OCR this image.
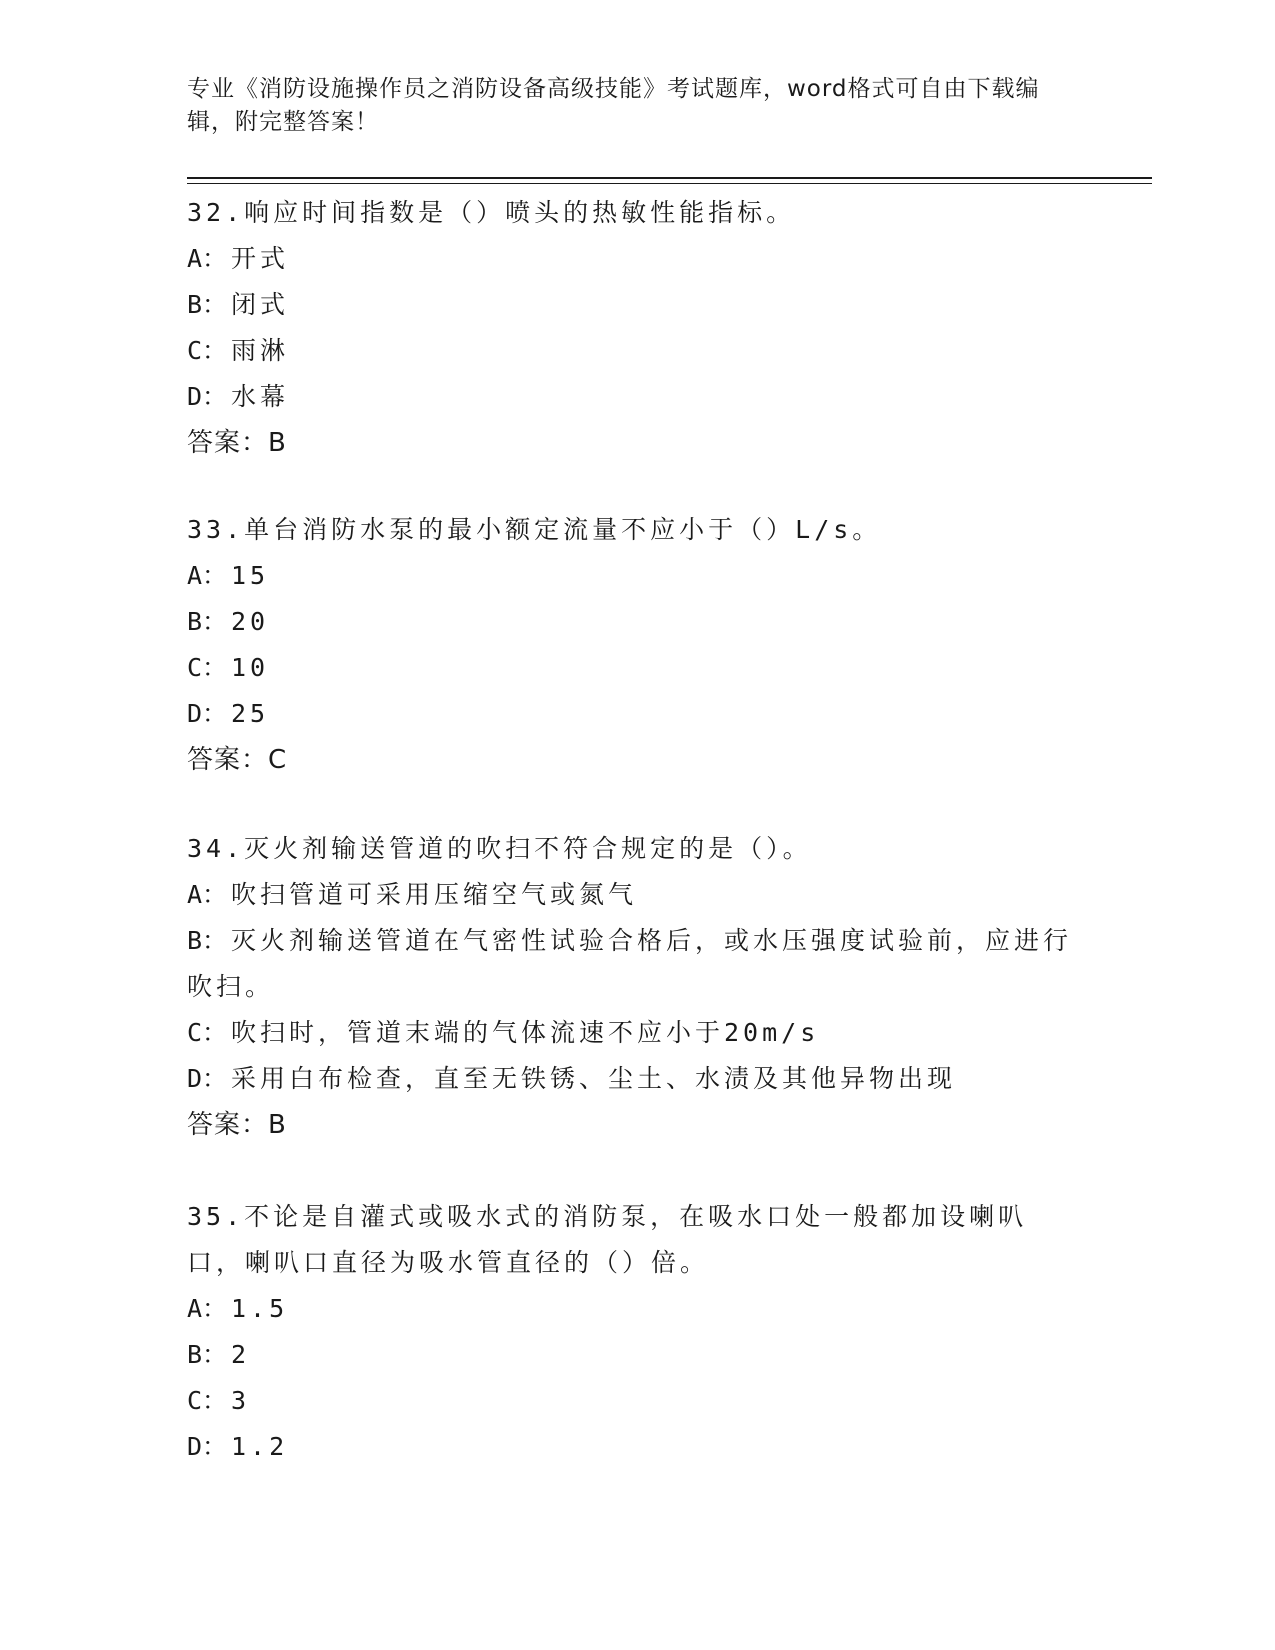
专业《消防设施操作员之消防设备高级技能》考试题库，word格式可自由下载编辑，附完整答案！
32.响应时间指数是（）喷头的热敏性能指标。
A： 开式
B： 闭式
C： 雨淋
D： 水幕
答案：B
33.单台消防水泵的最小额定流量不应小于（）L/s。
A： 15
B： 20
C： 10
D： 25
答案：C
34.灭火剂输送管道的吹扫不符合规定的是（）。
A： 吹扫管道可采用压缩空气或氮气
B： 灭火剂输送管道在气密性试验合格后，或水压强度试验前，应进行吹扫。
C： 吹扫时，管道末端的气体流速不应小于20m/s
D： 采用白布检查，直至无铁锈、尘土、水渍及其他异物出现
答案：B
35.不论是自灌式或吸水式的消防泵，在吸水口处一般都加设喇叭口，喇叭口直径为吸水管直径的（）倍。
A： 1.5
B： 2
C： 3
D： 1.2
